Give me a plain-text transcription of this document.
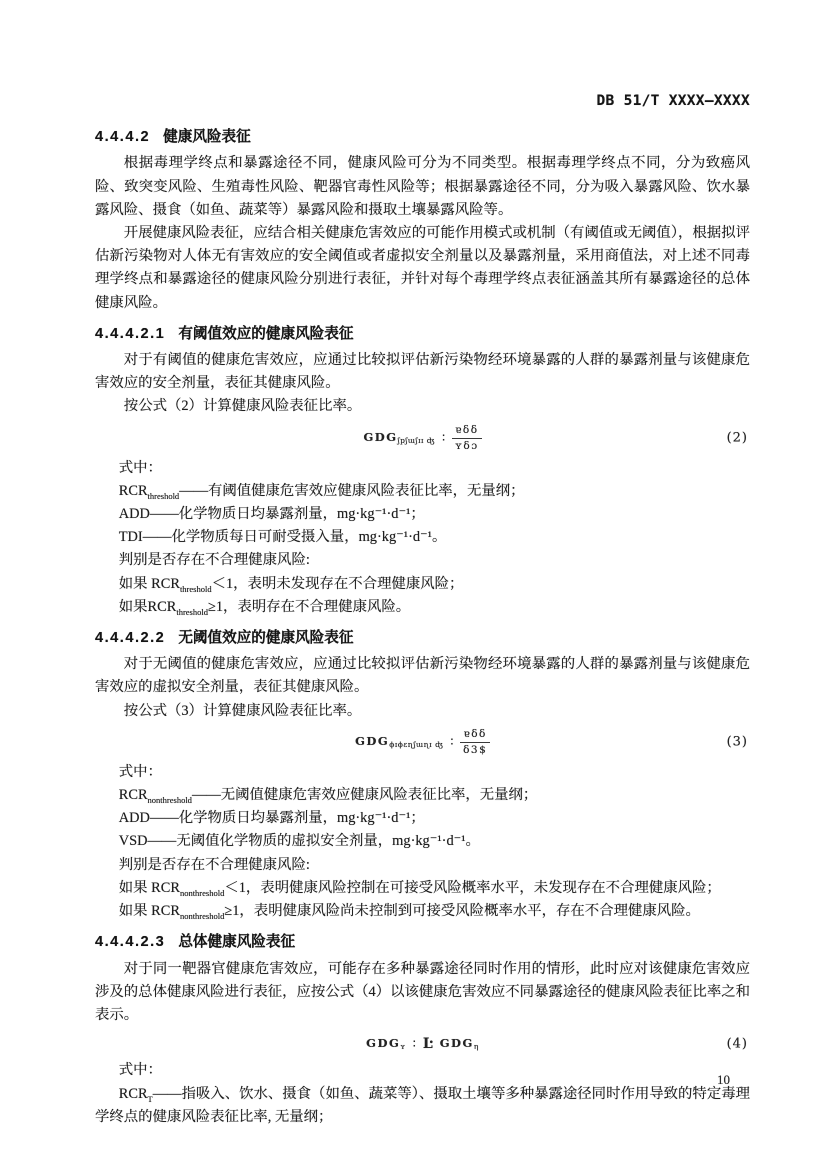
DB 51/T XXXX—XXXX
4.4.4.2 健康风险表征

根据毒理学终点和暴露途径不同，健康风险可分为不同类型。根据毒理学终点不同，分为致癌风险、致突变风险、生殖毒性风险、靶器官毒性风险等；根据暴露途径不同，分为吸入暴露风险、饮水暴露风险、摄食（如鱼、蔬菜等）暴露风险和摄取土壤暴露风险等。

开展健康风险表征，应结合相关健康危害效应的可能作用模式或机制（有阈值或无阈值），根据拟评估新污染物对人体无有害效应的安全阈值或者虚拟安全剂量以及暴露剂量，采用商值法，对上述不同毒理学终点和暴露途径的健康风险分别进行表征，并针对每个毒理学终点表征涵盖其所有暴露途径的总体健康风险。

4.4.4.2.1 有阈值效应的健康风险表征

对于有阈值的健康危害效应，应通过比较拟评估新污染物经环境暴露的人群的暴露剂量与该健康危害效应的安全剂量，表征其健康风险。

按公式（2）计算健康风险表征比率。

GDGʃpʃɯʃɪɪ ʤ ∶ $\frac{\text{ɐδδ}}{\text{ʏδɔ}}$	(2)

式中：

$RCR_{threshold}——$有阈值健康危害效应健康风险表征比率，无量纲；

ADD——化学物质日均暴露剂量，mg·kg⁻¹·d⁻¹；

TDI——化学物质每日可耐受摄入量，mg·kg⁻¹·d⁻¹。

判别是否存在不合理健康风险:

如果 $RCR_{threshold}<1$，表明未发现存在不合理健康风险；

如果$RCR_{threshold}\ge 1$，表明存在不合理健康风险。

4.4.4.2.2 无阈值效应的健康风险表征

对于无阈值的健康危害效应，应通过比较拟评估新污染物经环境暴露的人群的暴露剂量与该健康危害效应的虚拟安全剂量，表征其健康风险。

按公式（3）计算健康风险表征比率。

GDGϕɪϕɛɳʃɯɳɪ ʤ ∶ $\frac{\text{ɐδδ}}{\delta 3\$}$	(3)

式中：

$RCR_{nonthreshold}——$无阈值健康危害效应健康风险表征比率，无量纲；

ADD——化学物质日均暴露剂量，mg·kg⁻¹·d⁻¹；

VSD——无阈值化学物质的虚拟安全剂量，mg·kg⁻¹·d⁻¹。

判别是否存在不合理健康风险:

如果 $RCR_{nonthreshold}<1$，表明健康风险控制在可接受风险概率水平，未发现存在不合理健康风险；

如果 $RCR_{nonthreshold}\ge 1$，表明健康风险尚未控制到可接受风险概率水平，存在不合理健康风险。

4.4.4.2.3 总体健康风险表征

对于同一靶器官健康危害效应，可能存在多种暴露途径同时作用的情形，此时应对该健康危害效应涉及的总体健康风险进行表征，应按公式（4）以该健康危害效应不同暴露途径的健康风险表征比率之和表示。

GDGʏ ∶ Ŀ GDGη	(4)

式中：

$RCR_T——$指吸入、饮水、摄食（如鱼、蔬菜等）、摄取土壤等多种暴露途径同时作用导致的特定毒理学终点的健康风险表征比率, 无量纲；

10
